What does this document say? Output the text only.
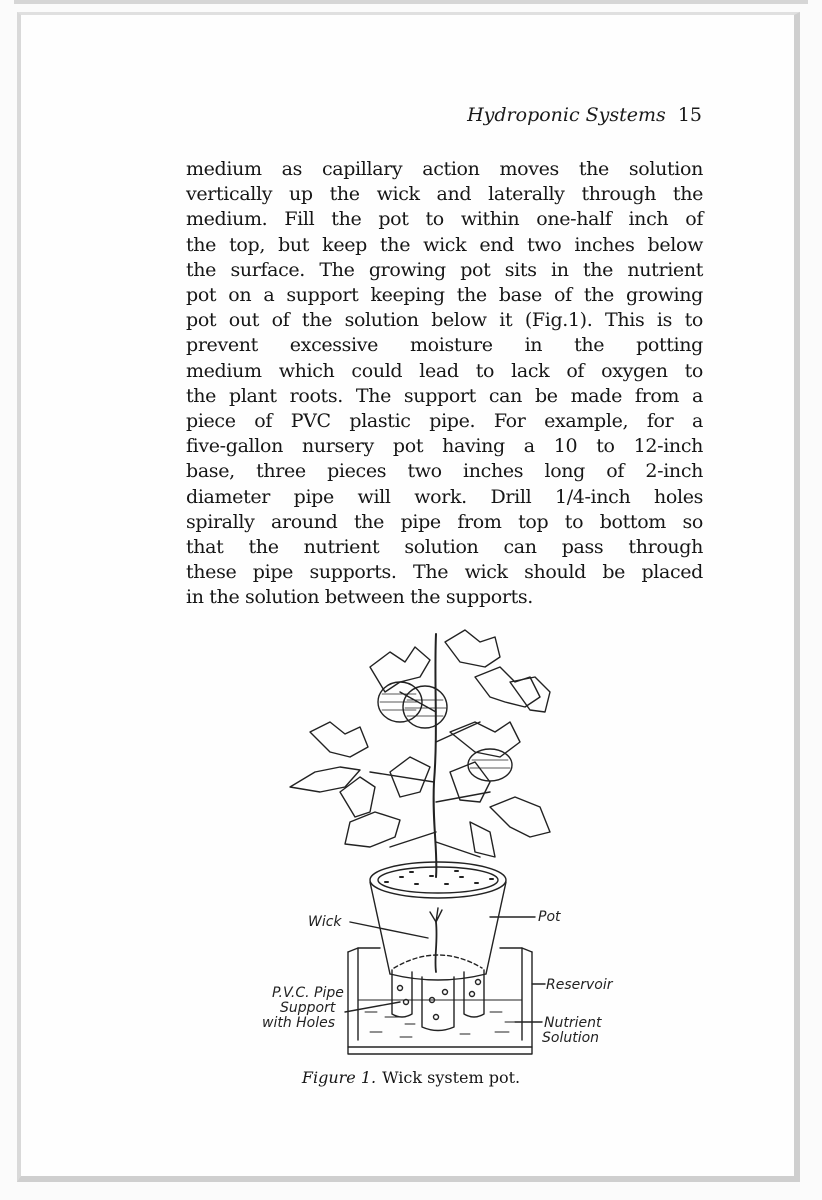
Hydroponic Systems 15
medium as capillary action moves the solution
vertically up the wick and laterally through the
medium. Fill the pot to within one-half inch of
the top, but keep the wick end two inches below
the surface. The growing pot sits in the nutrient
pot on a support keeping the base of the growing
pot out of the solution below it (Fig.1). This is to
prevent excessive moisture in the potting
medium which could lead to lack of oxygen to
the plant roots. The support can be made from a
piece of PVC plastic pipe. For example, for a
five-gallon nursery pot having a 10 to 12-inch
base, three pieces two inches long of 2-inch
diameter pipe will work. Drill 1/4-inch holes
spirally around the pipe from top to bottom so
that the nutrient solution can pass through
these pipe supports. The wick should be placed
in the solution between the supports.
Wick	Pot
P.V.C. Pipe
Support
with Holes
Reservoir
Nutrient
Solution
Figure 1. Wick system pot.
